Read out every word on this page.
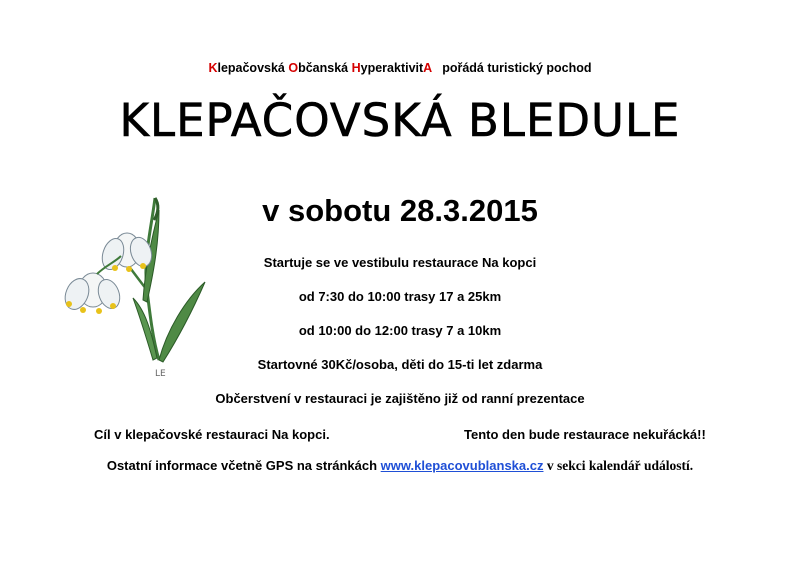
Klepačovská Občanská HyperaktivitA pořádá turistický pochod
KLEPAČOVSKÁ BLEDULE
v sobotu 28.3.2015
LE
Startuje se ve vestibulu restaurace Na kopci
od 7:30 do 10:00 trasy 17 a 25km
od 10:00 do 12:00 trasy 7 a 10km
Startovné 30Kč/osoba, děti do 15-ti let zdarma
Občerstvení v restauraci je zajištěno již od ranní prezentace
Cíl v klepačovské restauraci Na kopci.	Tento den bude restaurace nekuřácká!!
Ostatní informace včetně GPS na stránkách www.klepacovublanska.cz v sekci kalendář událostí.
